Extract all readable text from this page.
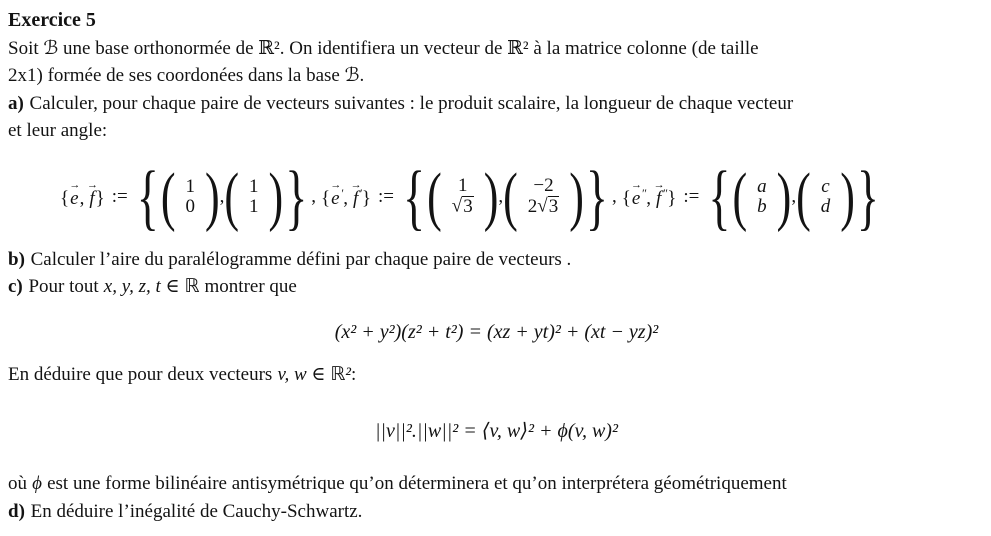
Exercice 5
Soit ℬ une base orthonormée de ℝ². On identifiera un vecteur de ℝ² à la matrice colonne (de taille
2x1) formée de ses coordonées dans la base ℬ.
a) Calculer, pour chaque paire de vecteurs suivantes : le produit scalaire, la longueur de chaque vecteur
et leur angle:
{
→
e,
→
f} := { ( 1
0 ) , ( 1
1 ) } , {
→
e′,
→
f′} := { ( 1
√3 ) , ( −2
2√3 ) } , {
→
e″,
→
f″} := { ( a
b ) , ( c
d ) }
b) Calculer l’aire du paralélogramme défini par chaque paire de vecteurs .
c) Pour tout x, y, z, t ∈ ℝ montrer que
(x² + y²)(z² + t²) = (xz + yt)² + (xt − yz)²
En déduire que pour deux vecteurs v, w ∈ ℝ²:
||v||².||w||² = ⟨v, w⟩² + ϕ(v, w)²
où ϕ est une forme bilinéaire antisymétrique qu’on déterminera et qu’on interprétera géométriquement
d) En déduire l’inégalité de Cauchy-Schwartz.
